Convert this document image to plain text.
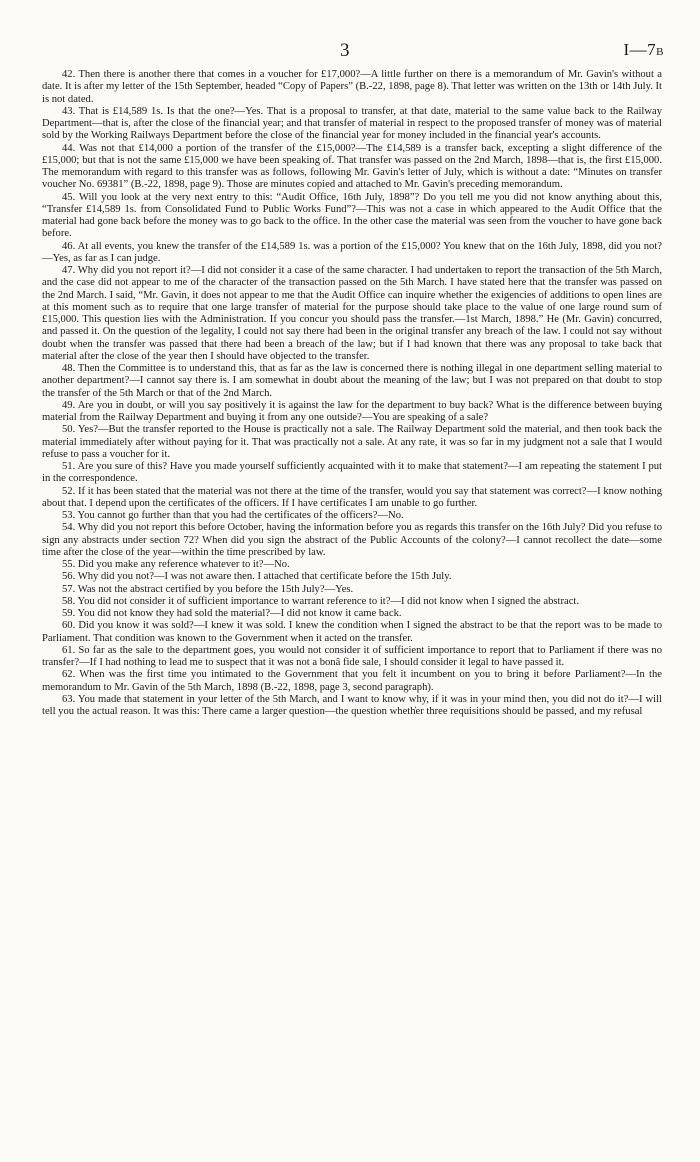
3	I—7B

42. Then there is another there that comes in a voucher for £17,000?—A little further on there is a memorandum of Mr. Gavin's without a date. It is after my letter of the 15th September, headed “Copy of Papers” (B.-22, 1898, page 8). That letter was written on the 13th or 14th July. It is not dated.

43. That is £14,589 1s. Is that the one?—Yes. That is a proposal to transfer, at that date, material to the same value back to the Railway Department—that is, after the close of the financial year; and that transfer of material in respect to the proposed transfer of money was of material sold by the Working Railways Department before the close of the financial year for money included in the financial year's accounts.

44. Was not that £14,000 a portion of the transfer of the £15,000?—The £14,589 is a transfer back, excepting a slight difference of the £15,000; but that is not the same £15,000 we have been speaking of. That transfer was passed on the 2nd March, 1898—that is, the first £15,000. The memorandum with regard to this transfer was as follows, following Mr. Gavin's letter of July, which is without a date: “Minutes on transfer voucher No. 69381” (B.-22, 1898, page 9). Those are minutes copied and attached to Mr. Gavin's preceding memorandum.

45. Will you look at the very next entry to this: “Audit Office, 16th July, 1898”? Do you tell me you did not know anything about this, “Transfer £14,589 1s. from Consolidated Fund to Public Works Fund”?—This was not a case in which appeared to the Audit Office that the material had gone back before the money was to go back to the office. In the other case the material was seen from the voucher to have gone back before.

46. At all events, you knew the transfer of the £14,589 1s. was a portion of the £15,000? You knew that on the 16th July, 1898, did you not?—Yes, as far as I can judge.

47. Why did you not report it?—I did not consider it a case of the same character. I had undertaken to report the transaction of the 5th March, and the case did not appear to me of the character of the transaction passed on the 5th March. I have stated here that the transfer was passed on the 2nd March. I said, “Mr. Gavin, it does not appear to me that the Audit Office can inquire whether the exigencies of additions to open lines are at this moment such as to require that one large transfer of material for the purpose should take place to the value of one large round sum of £15,000. This question lies with the Administration. If you concur you should pass the transfer.—1st March, 1898.” He (Mr. Gavin) concurred, and passed it. On the question of the legality, I could not say there had been in the original transfer any breach of the law. I could not say without doubt when the transfer was passed that there had been a breach of the law; but if I had known that there was any proposal to take back that material after the close of the year then I should have objected to the transfer.

48. Then the Committee is to understand this, that as far as the law is concerned there is nothing illegal in one department selling material to another department?—I cannot say there is. I am somewhat in doubt about the meaning of the law; but I was not prepared on that doubt to stop the transfer of the 5th March or that of the 2nd March.

49. Are you in doubt, or will you say positively it is against the law for the department to buy back? What is the difference between buying material from the Railway Department and buying it from any one outside?—You are speaking of a sale?

50. Yes?—But the transfer reported to the House is practically not a sale. The Railway Department sold the material, and then took back the material immediately after without paying for it. That was practically not a sale. At any rate, it was so far in my judgment not a sale that I would refuse to pass a voucher for it.

51. Are you sure of this? Have you made yourself sufficiently acquainted with it to make that statement?—I am repeating the statement I put in the correspondence.

52. If it has been stated that the material was not there at the time of the transfer, would you say that statement was correct?—I know nothing about that. I depend upon the certificates of the officers. If I have certificates I am unable to go further.

53. You cannot go further than that you had the certificates of the officers?—No.

54. Why did you not report this before October, having the information before you as regards this transfer on the 16th July? Did you refuse to sign any abstracts under section 72? When did you sign the abstract of the Public Accounts of the colony?—I cannot recollect the date—some time after the close of the year—within the time prescribed by law.

55. Did you make any reference whatever to it?—No.

56. Why did you not?—I was not aware then. I attached that certificate before the 15th July.

57. Was not the abstract certified by you before the 15th July?—Yes.

58. You did not consider it of sufficient importance to warrant reference to it?—I did not know when I signed the abstract.

59. You did not know they had sold the material?—I did not know it came back.

60. Did you know it was sold?—I knew it was sold. I knew the condition when I signed the abstract to be that the report was to be made to Parliament. That condition was known to the Government when it acted on the transfer.

61. So far as the sale to the department goes, you would not consider it of sufficient importance to report that to Parliament if there was no transfer?—If I had nothing to lead me to suspect that it was not a bonâ fide sale, I should consider it legal to have passed it.

62. When was the first time you intimated to the Government that you felt it incumbent on you to bring it before Parliament?—In the memorandum to Mr. Gavin of the 5th March, 1898 (B.-22, 1898, page 3, second paragraph).

63. You made that statement in your letter of the 5th March, and I want to know why, if it was in your mind then, you did not do it?—I will tell you the actual reason. It was this: There came a larger question—the question wheth̓er three requisitions should be passed, and my refusal
